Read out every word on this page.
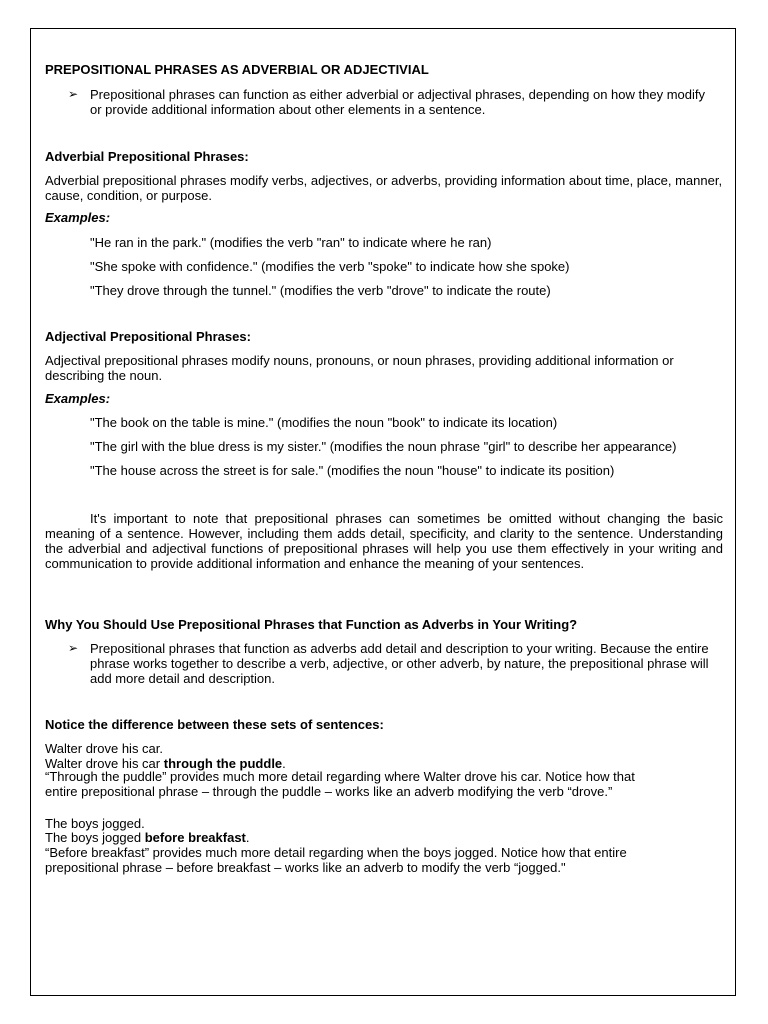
PREPOSITIONAL PHRASES AS ADVERBIAL OR ADJECTIVIAL
➢ Prepositional phrases can function as either adverbial or adjectival phrases, depending on how they modify or provide additional information about other elements in a sentence.
Adverbial Prepositional Phrases:
Adverbial prepositional phrases modify verbs, adjectives, or adverbs, providing information about time, place, manner, cause, condition, or purpose.
Examples:
"He ran in the park." (modifies the verb "ran" to indicate where he ran)
"She spoke with confidence." (modifies the verb "spoke" to indicate how she spoke)
"They drove through the tunnel." (modifies the verb "drove" to indicate the route)
Adjectival Prepositional Phrases:
Adjectival prepositional phrases modify nouns, pronouns, or noun phrases, providing additional information or describing the noun.
Examples:
"The book on the table is mine." (modifies the noun "book" to indicate its location)
"The girl with the blue dress is my sister." (modifies the noun phrase "girl" to describe her appearance)
"The house across the street is for sale." (modifies the noun "house" to indicate its position)
It's important to note that prepositional phrases can sometimes be omitted without changing the basic meaning of a sentence. However, including them adds detail, specificity, and clarity to the sentence. Understanding the adverbial and adjectival functions of prepositional phrases will help you use them effectively in your writing and communication to provide additional information and enhance the meaning of your sentences.
Why You Should Use Prepositional Phrases that Function as Adverbs in Your Writing?
➢ Prepositional phrases that function as adverbs add detail and description to your writing. Because the entire phrase works together to describe a verb, adjective, or other adverb, by nature, the prepositional phrase will add more detail and description.
Notice the difference between these sets of sentences:
Walter drove his car.
Walter drove his car through the puddle.
“Through the puddle” provides much more detail regarding where Walter drove his car. Notice how that entire prepositional phrase – through the puddle – works like an adverb modifying the verb “drove.”
The boys jogged.
The boys jogged before breakfast.
“Before breakfast” provides much more detail regarding when the boys jogged. Notice how that entire prepositional phrase – before breakfast – works like an adverb to modify the verb “jogged."
